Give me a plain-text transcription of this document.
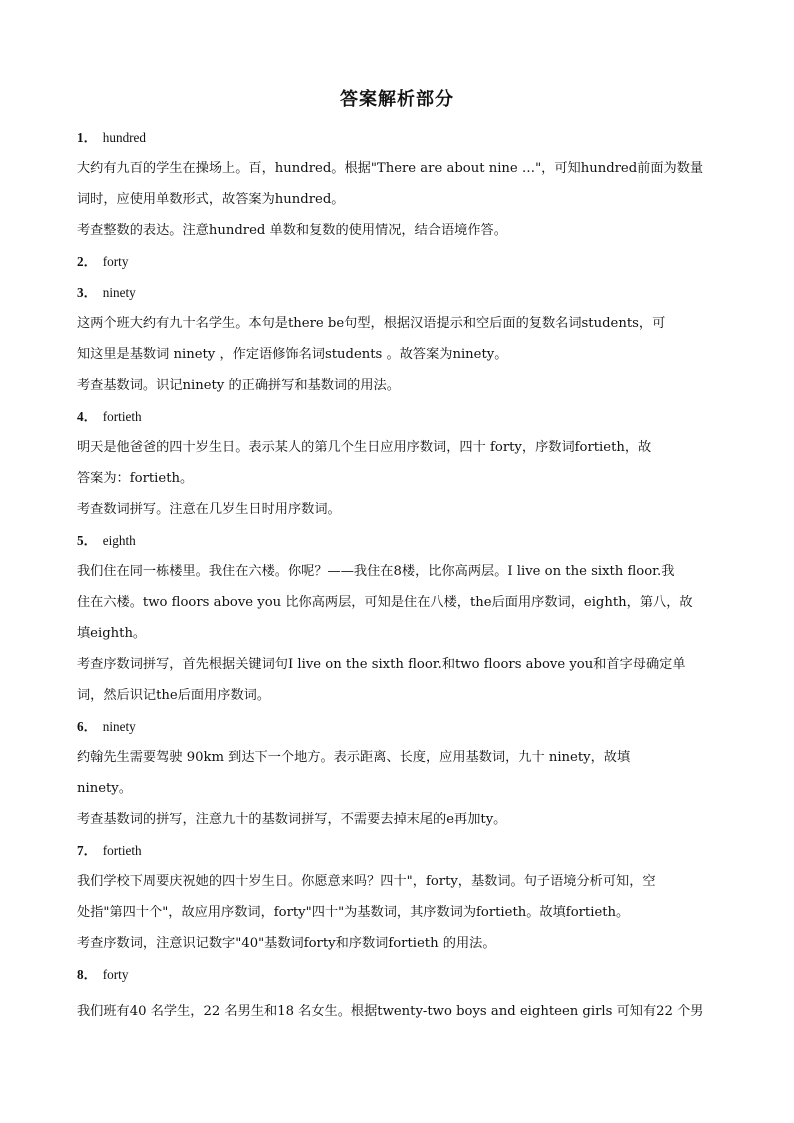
答案解析部分
1． hundred
大约有九百的学生在操场上。百，hundred。根据"There are about nine …"，可知hundred前面为数量
词时，应使用单数形式，故答案为hundred。
考查整数的表达。注意hundred 单数和复数的使用情况，结合语境作答。
2． forty
3． ninety
这两个班大约有九十名学生。本句是there be句型，根据汉语提示和空后面的复数名词students，可
知这里是基数词 ninety ，作定语修饰名词students 。故答案为ninety。
考查基数词。识记ninety 的正确拼写和基数词的用法。
4． fortieth
明天是他爸爸的四十岁生日。表示某人的第几个生日应用序数词，四十 forty，序数词fortieth，故
答案为：fortieth。
考查数词拼写。注意在几岁生日时用序数词。
5． eighth
我们住在同一栋楼里。我住在六楼。你呢？——我住在8楼，比你高两层。I live on the sixth floor.我
住在六楼。two floors above you 比你高两层，可知是住在八楼，the后面用序数词，eighth，第八，故
填eighth。
考查序数词拼写，首先根据关键词句I live on the sixth floor.和two floors above you和首字母确定单
词，然后识记the后面用序数词。
6． ninety
约翰先生需要驾驶 90km 到达下一个地方。表示距离、长度，应用基数词，九十 ninety，故填
ninety。
考查基数词的拼写，注意九十的基数词拼写，不需要去掉末尾的e再加ty。
7． fortieth
我们学校下周要庆祝她的四十岁生日。你愿意来吗？四十"，forty，基数词。句子语境分析可知，空
处指"第四十个"，故应用序数词，forty"四十"为基数词，其序数词为fortieth。故填fortieth。
考查序数词，注意识记数字"40"基数词forty和序数词fortieth 的用法。
8． forty
我们班有40 名学生，22 名男生和18 名女生。根据twenty-two boys and eighteen girls 可知有22 个男
